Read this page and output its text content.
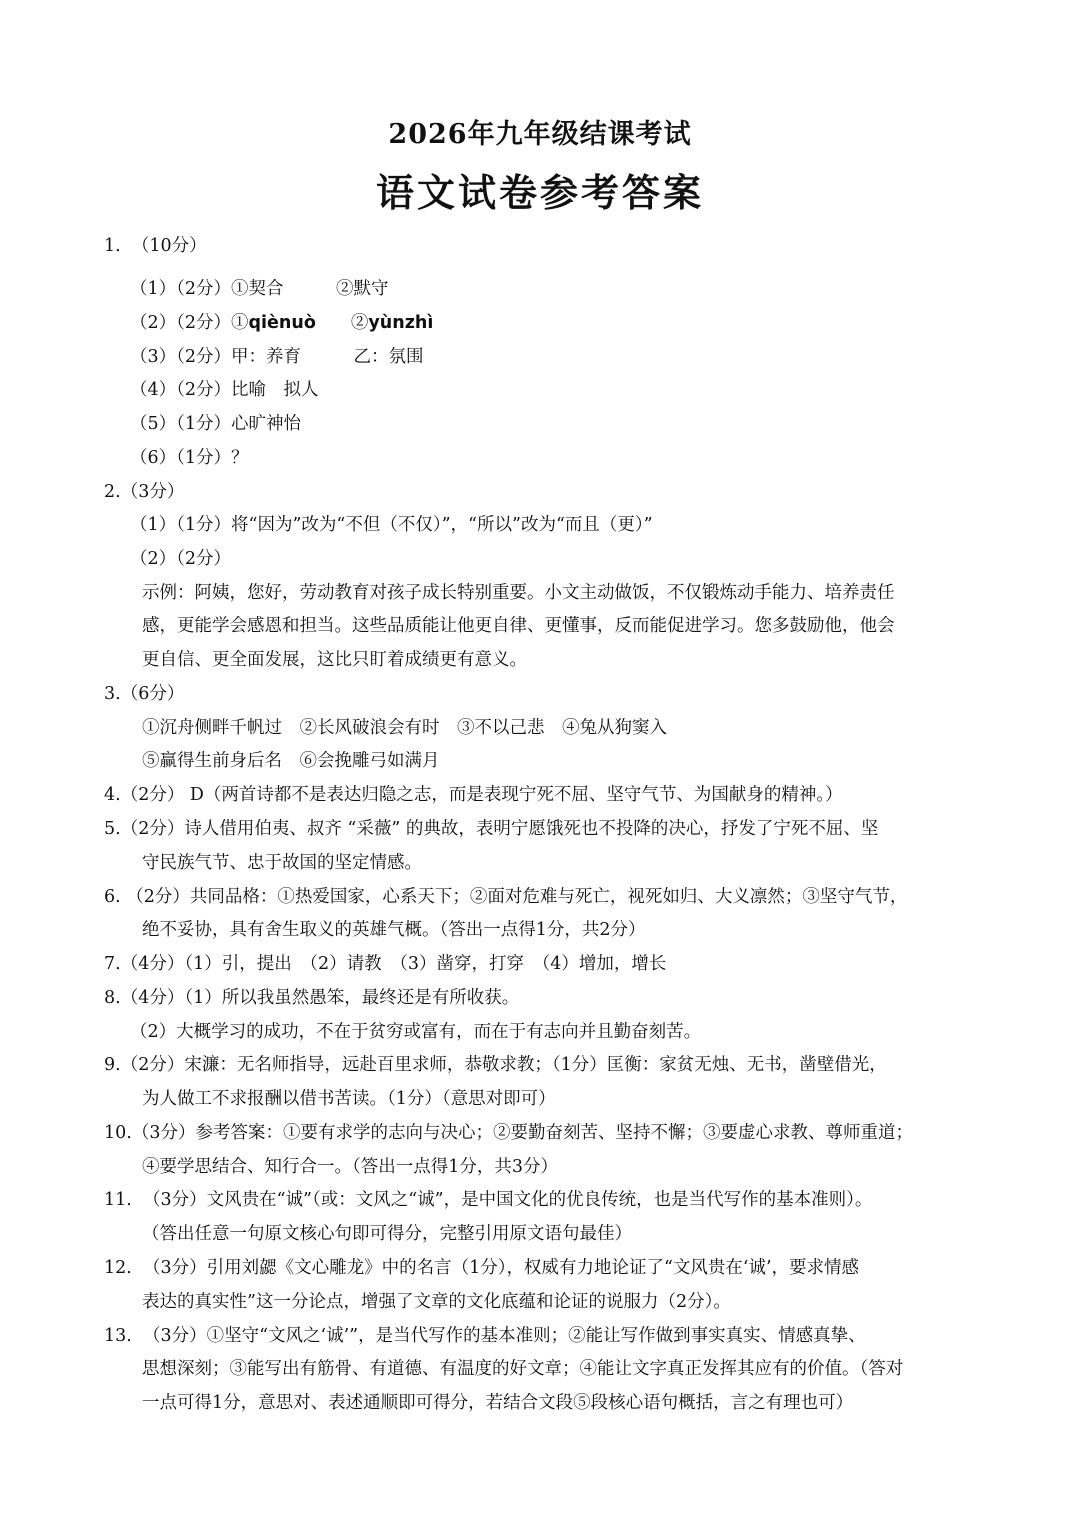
2026年九年级结课考试
语文试卷参考答案
1.  （10分）
（1）（2分）①契合　　　②默守
（2）（2分）①qiènuò　　②yùnzhì
（3）（2分）甲：养育　　　乙：氛围
（4）（2分）比喻　拟人
（5）（1分）心旷神怡
（6）（1分）？
2.（3分）
（1）（1分）将“因为”改为“不但（不仅）”，“所以”改为“而且（更）”
（2）（2分）
示例：阿姨，您好，劳动教育对孩子成长特别重要。小文主动做饭，不仅锻炼动手能力、培养责任
感，更能学会感恩和担当。这些品质能让他更自律、更懂事，反而能促进学习。您多鼓励他，他会
更自信、更全面发展，这比只盯着成绩更有意义。
3.（6分）
①沉舟侧畔千帆过　②长风破浪会有时　③不以己悲　④兔从狗窦入
⑤赢得生前身后名　⑥会挽雕弓如满月
4.（2分） D（两首诗都不是表达归隐之志，而是表现宁死不屈、坚守气节、为国献身的精神。）
5.（2分）诗人借用伯夷、叔齐 “采薇” 的典故，表明宁愿饿死也不投降的决心，抒发了宁死不屈、坚
守民族气节、忠于故国的坚定情感。
6. （2分）共同品格：①热爱国家，心系天下；②面对危难与死亡，视死如归、大义凛然；③坚守气节，
绝不妥协，具有舍生取义的英雄气概。（答出一点得1分，共2分）
7.（4分）（1）引，提出　（2）请教　（3）凿穿，打穿　（4）增加，增长
8.（4分）（1）所以我虽然愚笨，最终还是有所收获。
（2）大概学习的成功，不在于贫穷或富有，而在于有志向并且勤奋刻苦。
9.（2分）宋濂：无名师指导，远赴百里求师，恭敬求教；（1分）匡衡：家贫无烛、无书，凿壁借光，
为人做工不求报酬以借书苦读。（1分）（意思对即可）
10.（3分）参考答案：①要有求学的志向与决心；②要勤奋刻苦、坚持不懈；③要虚心求教、尊师重道；
④要学思结合、知行合一。（答出一点得1分，共3分）
11.  （3分）文风贵在“诚”（或：文风之“诚”，是中国文化的优良传统，也是当代写作的基本准则）。
（答出任意一句原文核心句即可得分，完整引用原文语句最佳）
12.  （3分）引用刘勰《文心雕龙》中的名言（1分），权威有力地论证了“文风贵在‘诚’，要求情感
表达的真实性”这一分论点，增强了文章的文化底蕴和论证的说服力（2分）。
13.  （3分）①坚守“文风之‘诚’”，是当代写作的基本准则；②能让写作做到事实真实、情感真挚、
思想深刻；③能写出有筋骨、有道德、有温度的好文章；④能让文字真正发挥其应有的价值。（答对
一点可得1分，意思对、表述通顺即可得分，若结合文段⑤段核心语句概括，言之有理也可）
